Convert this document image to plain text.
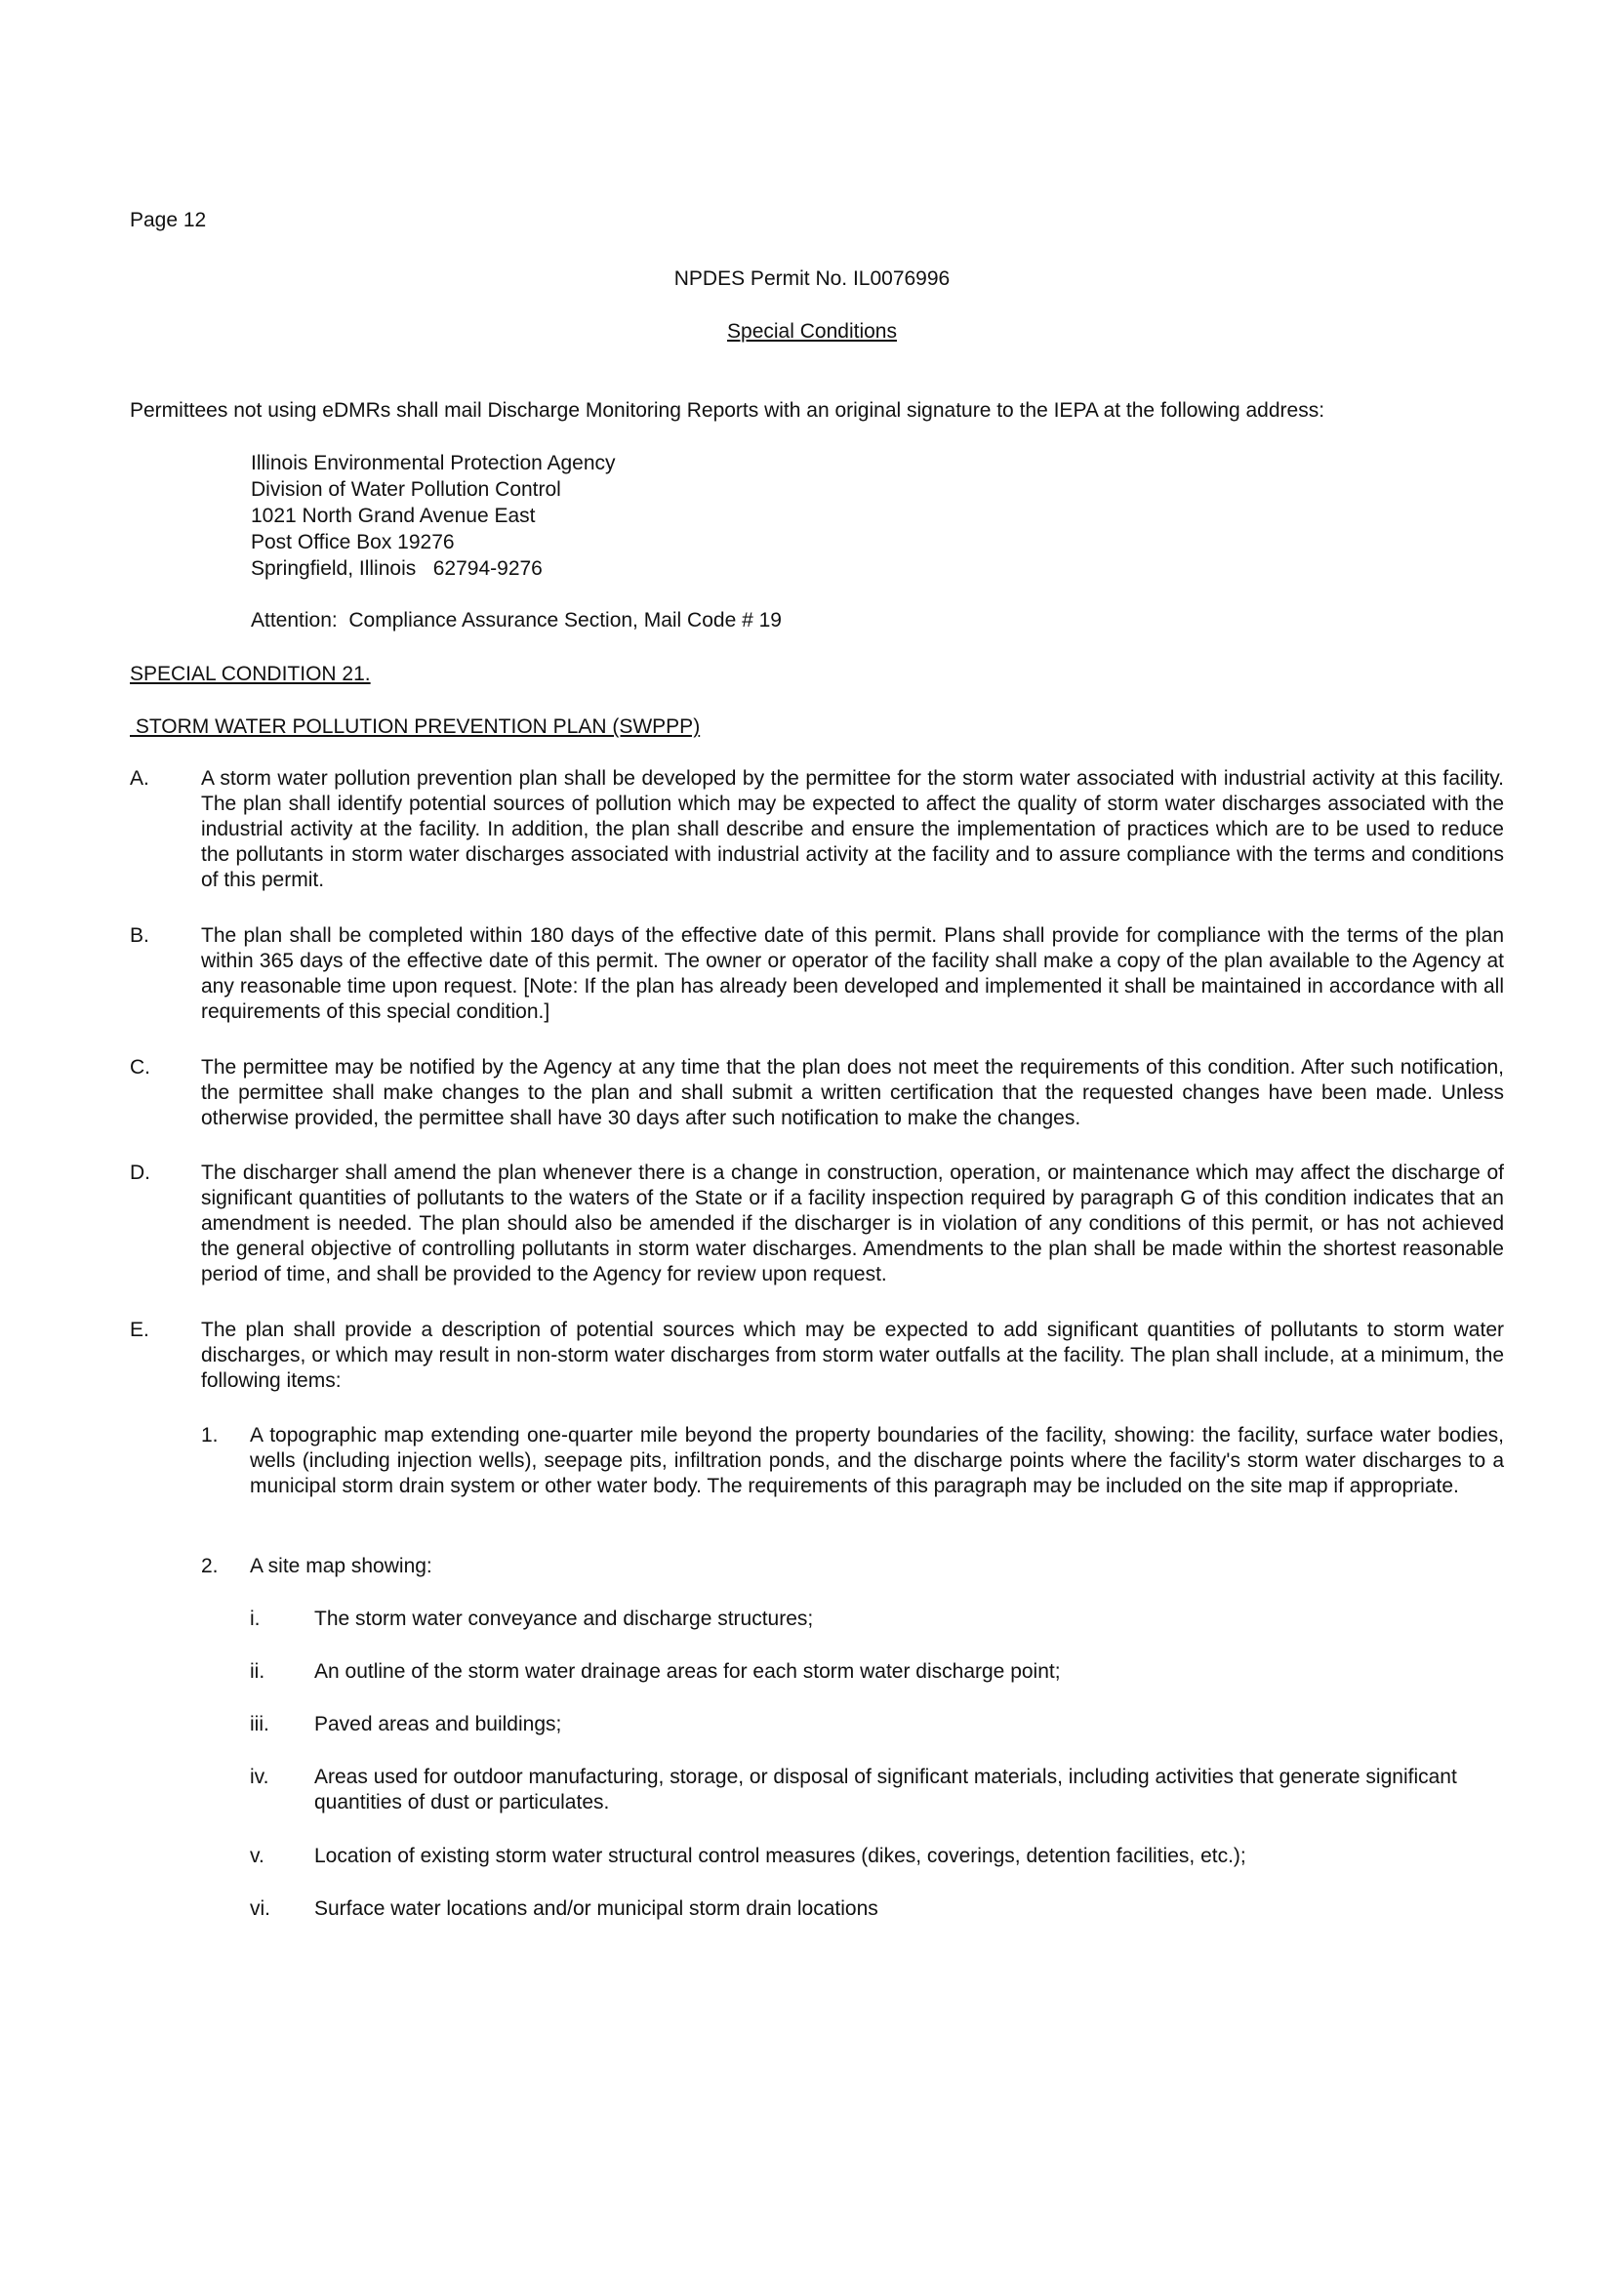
Page 12
NPDES Permit No. IL0076996
Special Conditions
Permittees not using eDMRs shall mail Discharge Monitoring Reports with an original signature to the IEPA at the following address:
Illinois Environmental Protection Agency
Division of Water Pollution Control
1021 North Grand Avenue East
Post Office Box 19276
Springfield, Illinois   62794-9276
Attention:  Compliance Assurance Section, Mail Code # 19
SPECIAL CONDITION 21.
STORM WATER POLLUTION PREVENTION PLAN (SWPPP)
A.	A storm water pollution prevention plan shall be developed by the permittee for the storm water associated with industrial activity at this facility. The plan shall identify potential sources of pollution which may be expected to affect the quality of storm water discharges associated with the industrial activity at the facility. In addition, the plan shall describe and ensure the implementation of practices which are to be used to reduce the pollutants in storm water discharges associated with industrial activity at the facility and to assure compliance with the terms and conditions of this permit.
B.	The plan shall be completed within 180 days of the effective date of this permit. Plans shall provide for compliance with the terms of the plan within 365 days of the effective date of this permit. The owner or operator of the facility shall make a copy of the plan available to the Agency at any reasonable time upon request. [Note: If the plan has already been developed and implemented it shall be maintained in accordance with all requirements of this special condition.]
C. The permittee may be notified by the Agency at any time that the plan does not meet the requirements of this condition. After such notification, the permittee shall make changes to the plan and shall submit a written certification that the requested changes have been made. Unless otherwise provided, the permittee shall have 30 days after such notification to make the changes.
D. The discharger shall amend the plan whenever there is a change in construction, operation, or maintenance which may affect the discharge of significant quantities of pollutants to the waters of the State or if a facility inspection required by paragraph G of this condition indicates that an amendment is needed. The plan should also be amended if the discharger is in violation of any conditions of this permit, or has not achieved the general objective of controlling pollutants in storm water discharges. Amendments to the plan shall be made within the shortest reasonable period of time, and shall be provided to the Agency for review upon request.
E.	The plan shall provide a description of potential sources which may be expected to add significant quantities of pollutants to storm water discharges, or which may result in non-storm water discharges from storm water outfalls at the facility. The plan shall include, at a minimum, the following items:
1. A topographic map extending one-quarter mile beyond the property boundaries of the facility, showing: the facility, surface water bodies, wells (including injection wells), seepage pits, infiltration ponds, and the discharge points where the facility's storm water discharges to a municipal storm drain system or other water body. The requirements of this paragraph may be included on the site map if appropriate.
2. A site map showing:
i.	The storm water conveyance and discharge structures;
ii. An outline of the storm water drainage areas for each storm water discharge point;
iii. Paved areas and buildings;
iv. Areas used for outdoor manufacturing, storage, or disposal of significant materials, including activities that generate significant quantities of dust or particulates.
v. Location of existing storm water structural control measures (dikes, coverings, detention facilities, etc.);
vi. Surface water locations and/or municipal storm drain locations
